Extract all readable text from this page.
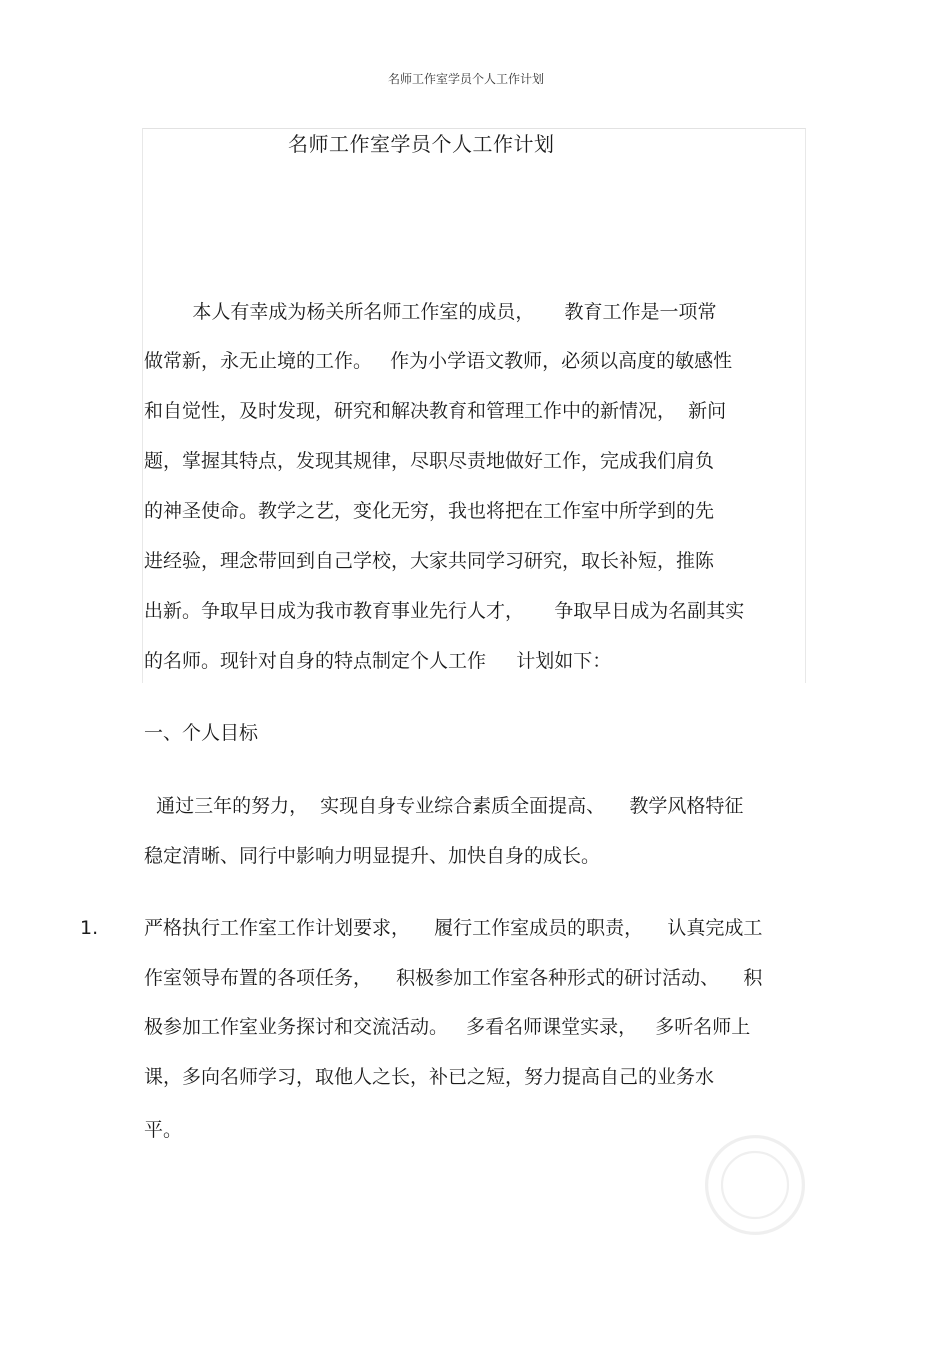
名师工作室学员个人工作计划
名师工作室学员个人工作计划
本人有幸成为杨关所名师工作室的成员，     教育工作是一项常
做常新，永无止境的工作。   作为小学语文教师，必须以高度的敏感性
和自觉性，及时发现，研究和解决教育和管理工作中的新情况，  新问
题，掌握其特点，发现其规律，尽职尽责地做好工作，完成我们肩负
的神圣使命。教学之艺，变化无穷，我也将把在工作室中所学到的先
进经验，理念带回到自己学校，大家共同学习研究，取长补短，推陈
出新。争取早日成为我市教育事业先行人才，     争取早日成为名副其实
的名师。现针对自身的特点制定个人工作     计划如下：
一、个人目标
通过三年的努力，  实现自身专业综合素质全面提高、    教学风格特征
稳定清晰、同行中影响力明显提升、加快自身的成长。
1. 严格执行工作室工作计划要求，    履行工作室成员的职责，    认真完成工
作室领导布置的各项任务，    积极参加工作室各种形式的研讨活动、    积
极参加工作室业务探讨和交流活动。   多看名师课堂实录，   多听名师上
课，多向名师学习，取他人之长，补已之短，努力提高自己的业务水
平。
